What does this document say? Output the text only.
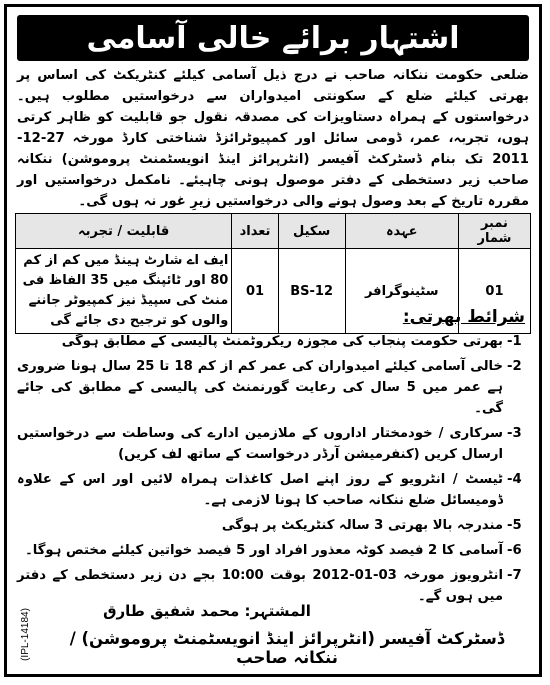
اشتہار برائے خالی آسامی

ضلعی حکومت ننکانہ صاحب نے درج ذیل آسامی کیلئے کنٹریکٹ کی اساس پر بھرتی کیلئے ضلع کے سکونتی امیدواران سے درخواستیں مطلوب ہیں۔ درخواستوں کے ہمراہ دستاویزات کی مصدقہ نقول جو قابلیت کو ظاہر کرتی ہوں، تجربہ، عمر، ڈومی سائل اور کمپیوٹرائزڈ شناختی کارڈ مورخہ 27-12-2011 تک بنام ڈسٹرکٹ آفیسر (انٹرپرائز اینڈ انویسٹمنٹ پروموشن) ننکانہ صاحب زیر دستخطی کے دفتر موصول ہونی چاہیئے۔ نامکمل درخواستیں اور مقررہ تاریخ کے بعد وصول ہونے والی درخواستیں زیرِ غور نہ ہوں گی۔

نمبر شمار	عہدہ	سکیل	تعداد	قابلیت / تجربہ
01	سٹینوگرافر	BS-12	01	ایف اے شارٹ ہینڈ میں کم از کم 80 اور ٹائپنگ میں 35 الفاظ فی منٹ کی سپیڈ نیز کمپیوٹر جاننے والوں کو ترجیح دی جائے گی	شرائط بھرتی:
-1
بھرتی حکومت پنجاب کی مجوزہ ریکروٹمنٹ پالیسی کے مطابق ہوگی
-2
خالی آسامی کیلئے امیدواران کی عمر کم از کم 18 تا 25 سال ہونا ضروری ہے عمر میں 5 سال کی رعایت گورنمنٹ کی پالیسی کے مطابق کی جائے گی۔
-3
سرکاری / خودمختار اداروں کے ملازمین ادارے کی وساطت سے درخواستیں ارسال کریں (کنفرمیشن آرڈر درخواست کے ساتھ لف کریں)
-4
ٹیسٹ / انٹرویو کے روز اپنے اصل کاغذات ہمراہ لائیں اور اس کے علاوہ ڈومیسائل ضلع ننکانہ صاحب کا ہونا لازمی ہے۔
-5
مندرجہ بالا بھرتی 3 سالہ کنٹریکٹ پر ہوگی
-6
آسامی کا 2 فیصد کوٹہ معذور افراد اور 5 فیصد خواتین کیلئے مختص ہوگا۔
-7
انٹرویوز مورخہ 03-01-2012 بوقت 10:00 بجے دن زیر دستخطی کے دفتر میں ہوں گے۔
المشتہر: محمد شفیق طارق
ڈسٹرکٹ آفیسر (انٹرپرائز اینڈ انویسٹمنٹ پروموشن) / ننکانہ صاحب
(IPL-14184)
